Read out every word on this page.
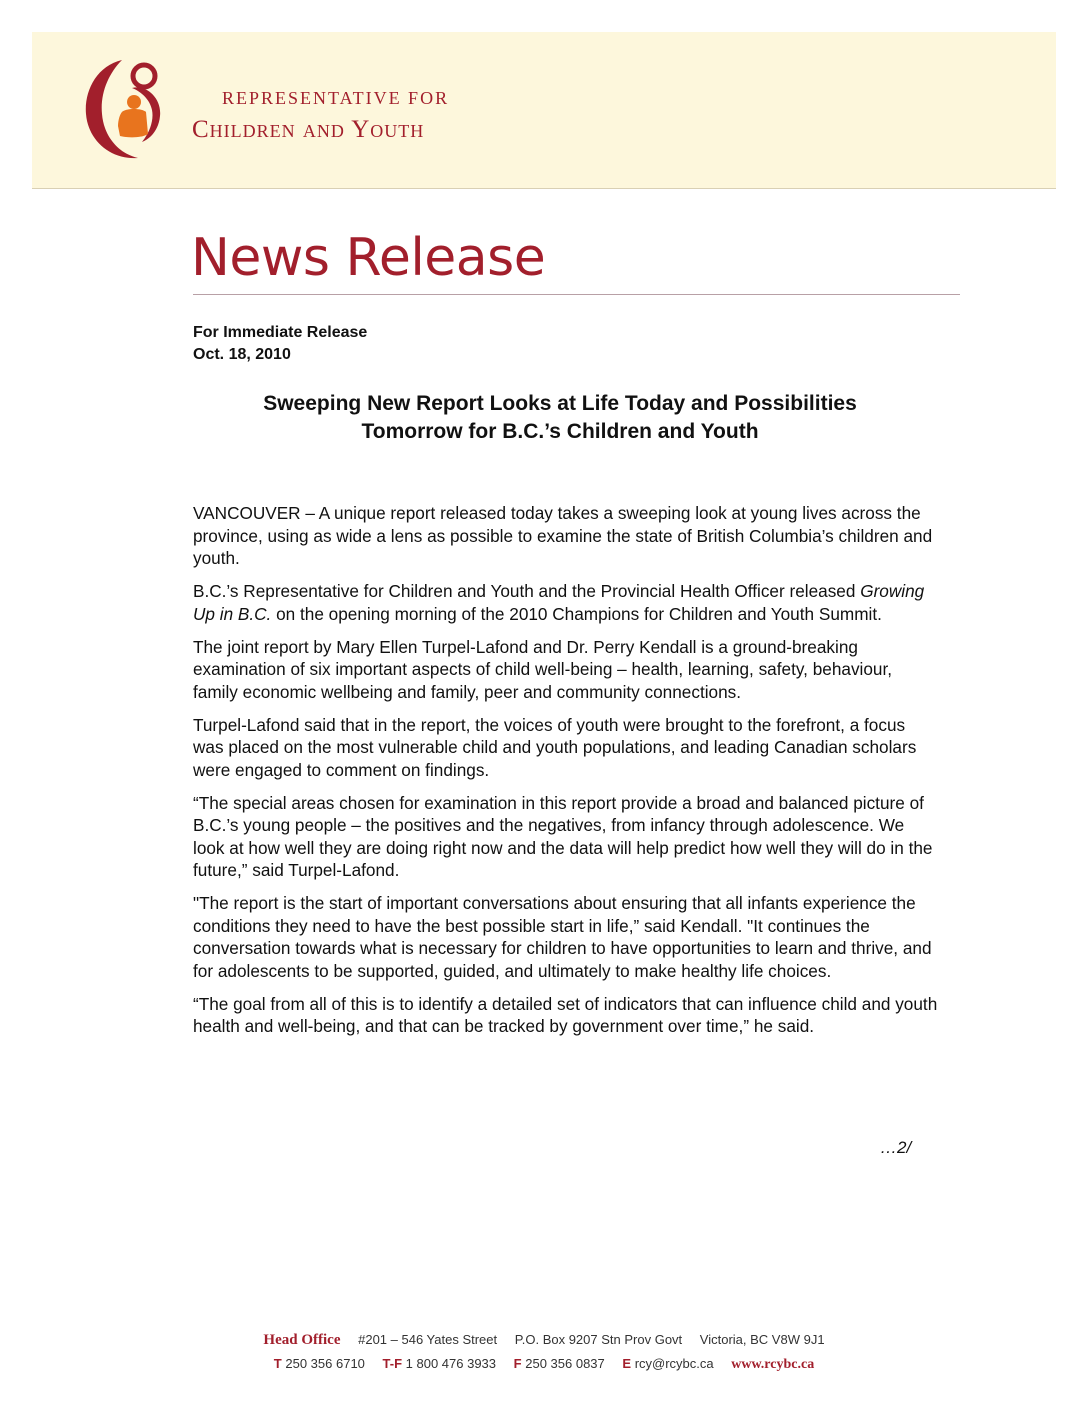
REPRESENTATIVE FOR
Children and Youth
News Release
For Immediate Release
Oct. 18, 2010
Sweeping New Report Looks at Life Today and Possibilities
Tomorrow for B.C.’s Children and Youth

VANCOUVER – A unique report released today takes a sweeping look at young lives across the province, using as wide a lens as possible to examine the state of British Columbia’s children and youth.

B.C.’s Representative for Children and Youth and the Provincial Health Officer released Growing Up in B.C. on the opening morning of the 2010 Champions for Children and Youth Summit.

The joint report by Mary Ellen Turpel-Lafond and Dr. Perry Kendall is a ground-breaking examination of six important aspects of child well-being – health, learning, safety, behaviour, family economic wellbeing and family, peer and community connections.

Turpel-Lafond said that in the report, the voices of youth were brought to the forefront, a focus was placed on the most vulnerable child and youth populations, and leading Canadian scholars were engaged to comment on findings.

“The special areas chosen for examination in this report provide a broad and balanced picture of B.C.’s young people – the positives and the negatives, from infancy through adolescence. We look at how well they are doing right now and the data will help predict how well they will do in the future,” said Turpel-Lafond.

"The report is the start of important conversations about ensuring that all infants experience the conditions they need to have the best possible start in life,” said Kendall. "It continues the conversation towards what is necessary for children to have opportunities to learn and thrive, and for adolescents to be supported, guided, and ultimately to make healthy life choices.

“The goal from all of this is to identify a detailed set of indicators that can influence child and youth health and well-being, and that can be tracked by government over time,” he said.

…2/
Head Office #201 – 546 Yates Street P.O. Box 9207 Stn Prov Govt Victoria, BC V8W 9J1
T 250 356 6710 T-F 1 800 476 3933 F 250 356 0837 E rcy@rcybc.ca www.rcybc.ca
